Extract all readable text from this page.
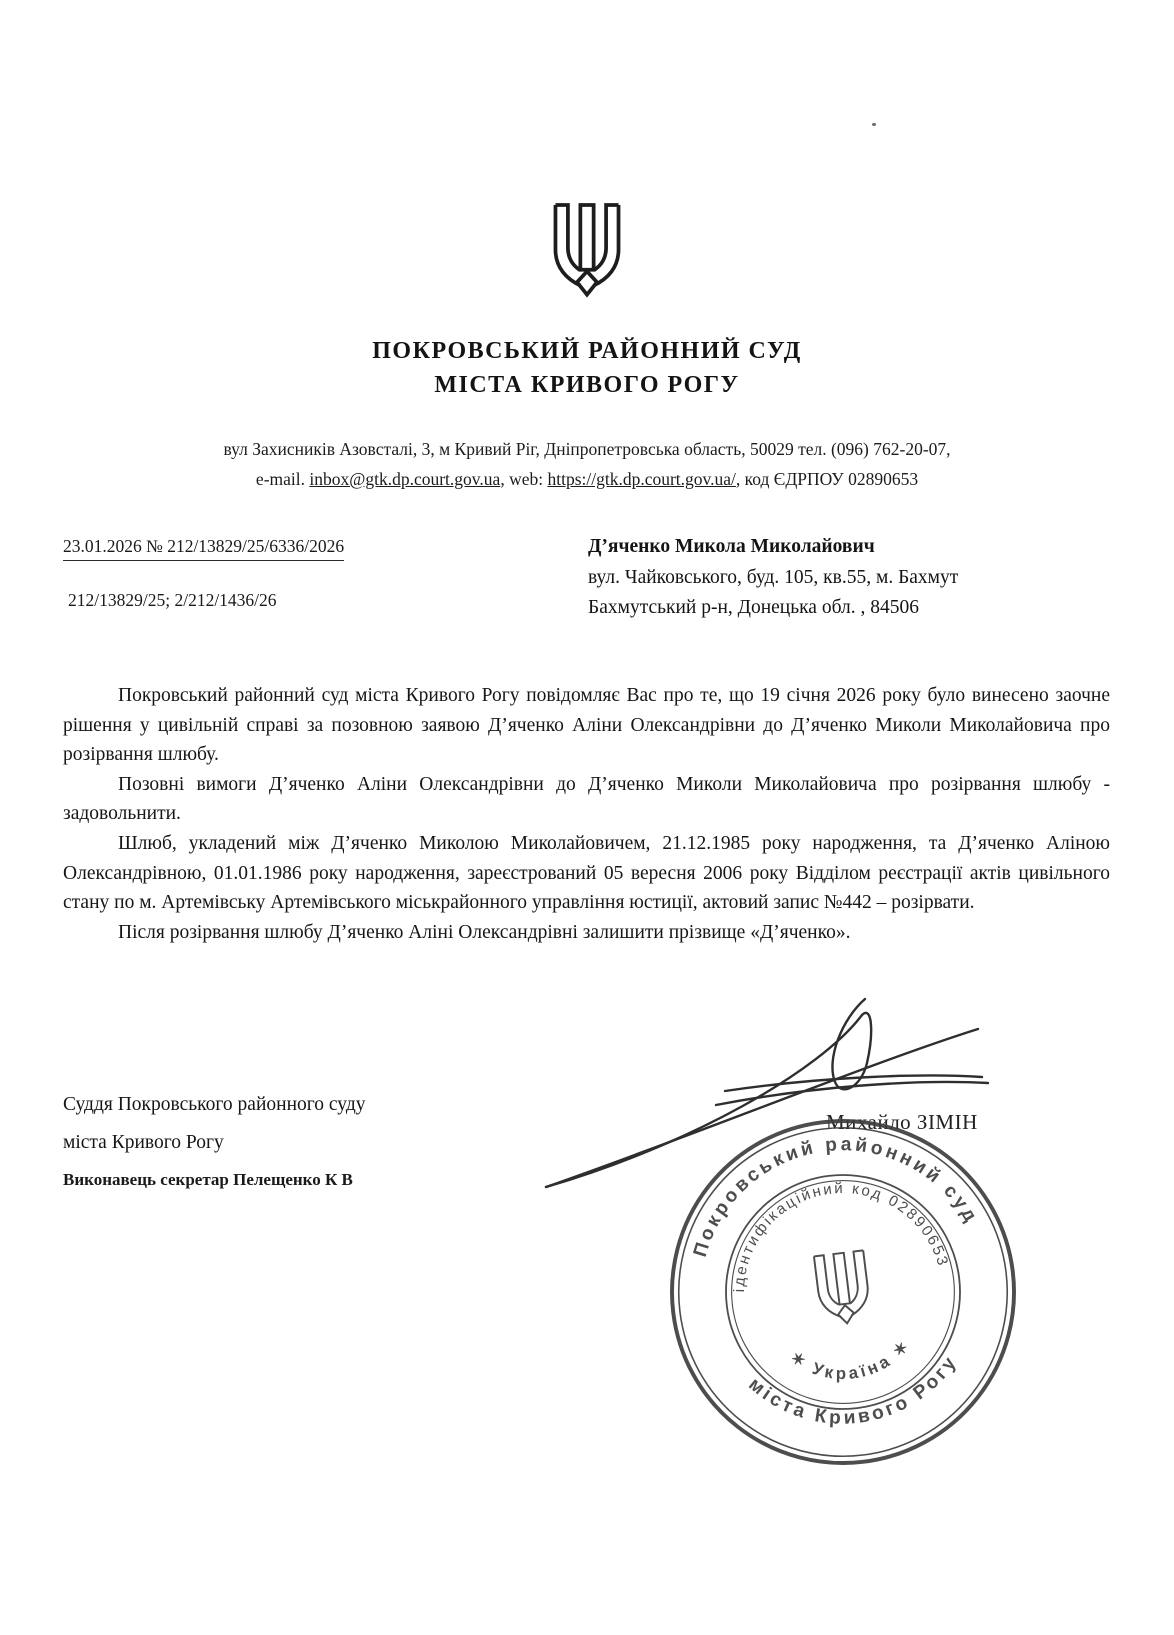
ПОКРОВСЬКИЙ РАЙОННИЙ СУД
МІСТА КРИВОГО РОГУ
вул Захисників Азовсталі, 3, м Кривий Ріг, Дніпропетровська область, 50029 тел. (096) 762-20-07,
e-mail. inbox@gtk.dp.court.gov.ua, web: https://gtk.dp.court.gov.ua/, код ЄДРПОУ 02890653
23.01.2026 № 212/13829/25/6336/2026
212/13829/25; 2/212/1436/26
Д’яченко Микола Миколайович
вул. Чайковського, буд. 105, кв.55, м. Бахмут
Бахмутський р-н, Донецька обл. , 84506

Покровський районний суд міста Кривого Рогу повідомляє Вас про те, що 19 січня 2026 року було винесено заочне рішення у цивільній справі за позовною заявою Д’яченко Аліни Олександрівни до Д’яченко Миколи Миколайовича про розірвання шлюбу.

Позовні вимоги Д’яченко Аліни Олександрівни до Д’яченко Миколи Миколайовича про розірвання шлюбу - задовольнити.

Шлюб, укладений між Д’яченко Миколою Миколайовичем, 21.12.1985 року народження, та Д’яченко Аліною Олександрівною, 01.01.1986 року народження, зареєстрований 05 вересня 2006 року Відділом реєстрації актів цивільного стану по м. Артемівську Артемівського міськрайонного управління юстиції, актовий запис №442 – розірвати.

Після розірвання шлюбу Д’яченко Аліні Олександрівні залишити прізвище «Д’яченко».

Суддя Покровського районного суду
міста Кривого Рогу
Виконавець секретар Пелещенко К В
Михайло ЗІМІН
Покровський районний суд
міста Кривого Рогу
ідентифікаційний код 02890653
✶ Україна ✶
